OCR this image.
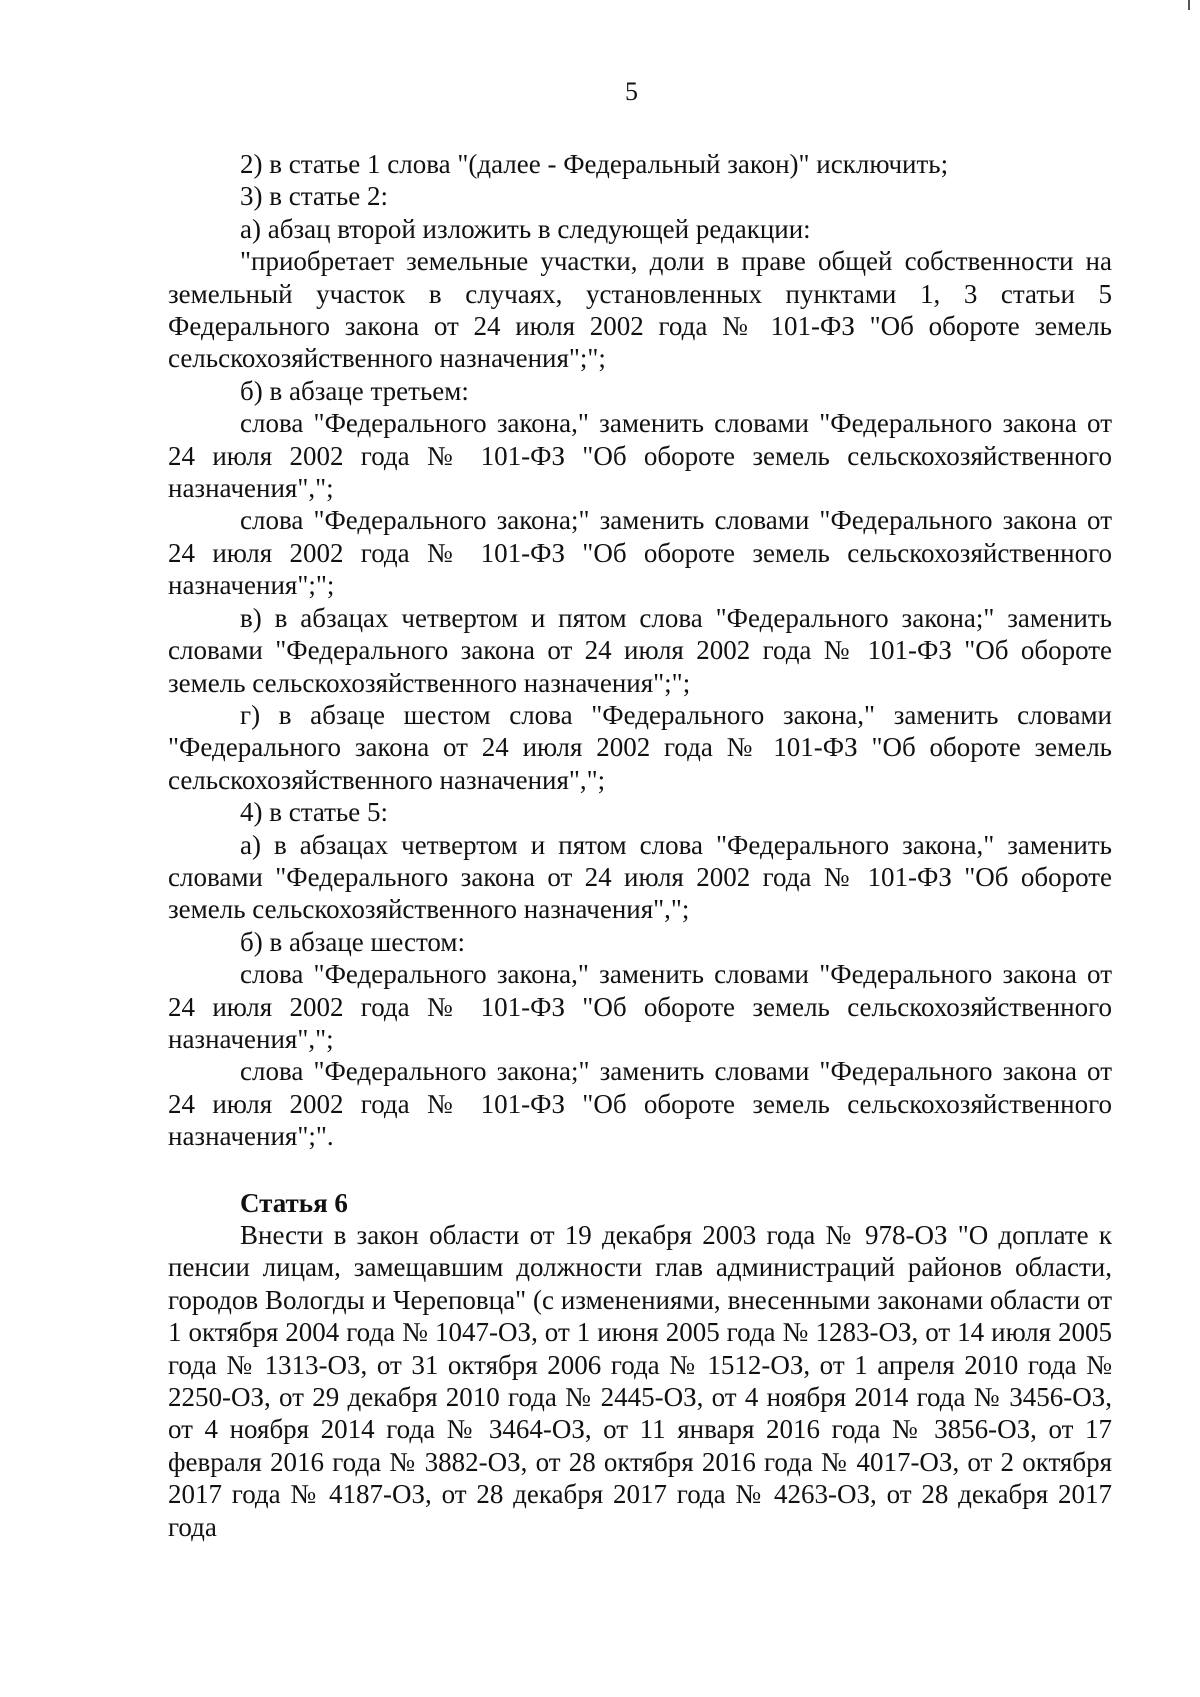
5

2) в статье 1 слова "(далее - Федеральный закон)" исключить;

3) в статье 2:

а) абзац второй изложить в следующей редакции:

"приобретает земельные участки, доли в праве общей собственности на земельный участок в случаях, установленных пунктами 1, 3 статьи 5 Федерального закона от 24 июля 2002 года № 101-ФЗ "Об обороте земель сельскохозяйственного назначения";";

б) в абзаце третьем:

слова "Федерального закона," заменить словами "Федерального закона от 24 июля 2002 года № 101-ФЗ "Об обороте земель сельскохозяйственного назначения",";

слова "Федерального закона;" заменить словами "Федерального закона от 24 июля 2002 года № 101-ФЗ "Об обороте земель сельскохозяйственного назначения";";

в) в абзацах четвертом и пятом слова "Федерального закона;" заменить словами "Федерального закона от 24 июля 2002 года № 101-ФЗ "Об обороте земель сельскохозяйственного назначения";";

г) в абзаце шестом слова "Федерального закона," заменить словами "Федерального закона от 24 июля 2002 года № 101-ФЗ "Об обороте земель сельскохозяйственного назначения",";

4) в статье 5:

а) в абзацах четвертом и пятом слова "Федерального закона," заменить словами "Федерального закона от 24 июля 2002 года № 101-ФЗ "Об обороте земель сельскохозяйственного назначения",";

б) в абзаце шестом:

слова "Федерального закона," заменить словами "Федерального закона от 24 июля 2002 года № 101-ФЗ "Об обороте земель сельскохозяйственного назначения",";

слова "Федерального закона;" заменить словами "Федерального закона от 24 июля 2002 года № 101-ФЗ "Об обороте земель сельскохозяйственного назначения";".

Статья 6

Внести в закон области от 19 декабря 2003 года № 978-ОЗ "О доплате к пенсии лицам, замещавшим должности глав администраций районов области, городов Вологды и Череповца" (с изменениями, внесенными законами области от 1 октября 2004 года № 1047-ОЗ, от 1 июня 2005 года № 1283-ОЗ, от 14 июля 2005 года № 1313-ОЗ, от 31 октября 2006 года № 1512-ОЗ, от 1 апреля 2010 года № 2250-ОЗ, от 29 декабря 2010 года № 2445-ОЗ, от 4 ноября 2014 года № 3456-ОЗ, от 4 ноября 2014 года № 3464-ОЗ, от 11 января 2016 года № 3856-ОЗ, от 17 февраля 2016 года № 3882-ОЗ, от 28 октября 2016 года № 4017-ОЗ, от 2 октября 2017 года № 4187-ОЗ, от 28 декабря 2017 года № 4263-ОЗ, от 28 декабря 2017 года
